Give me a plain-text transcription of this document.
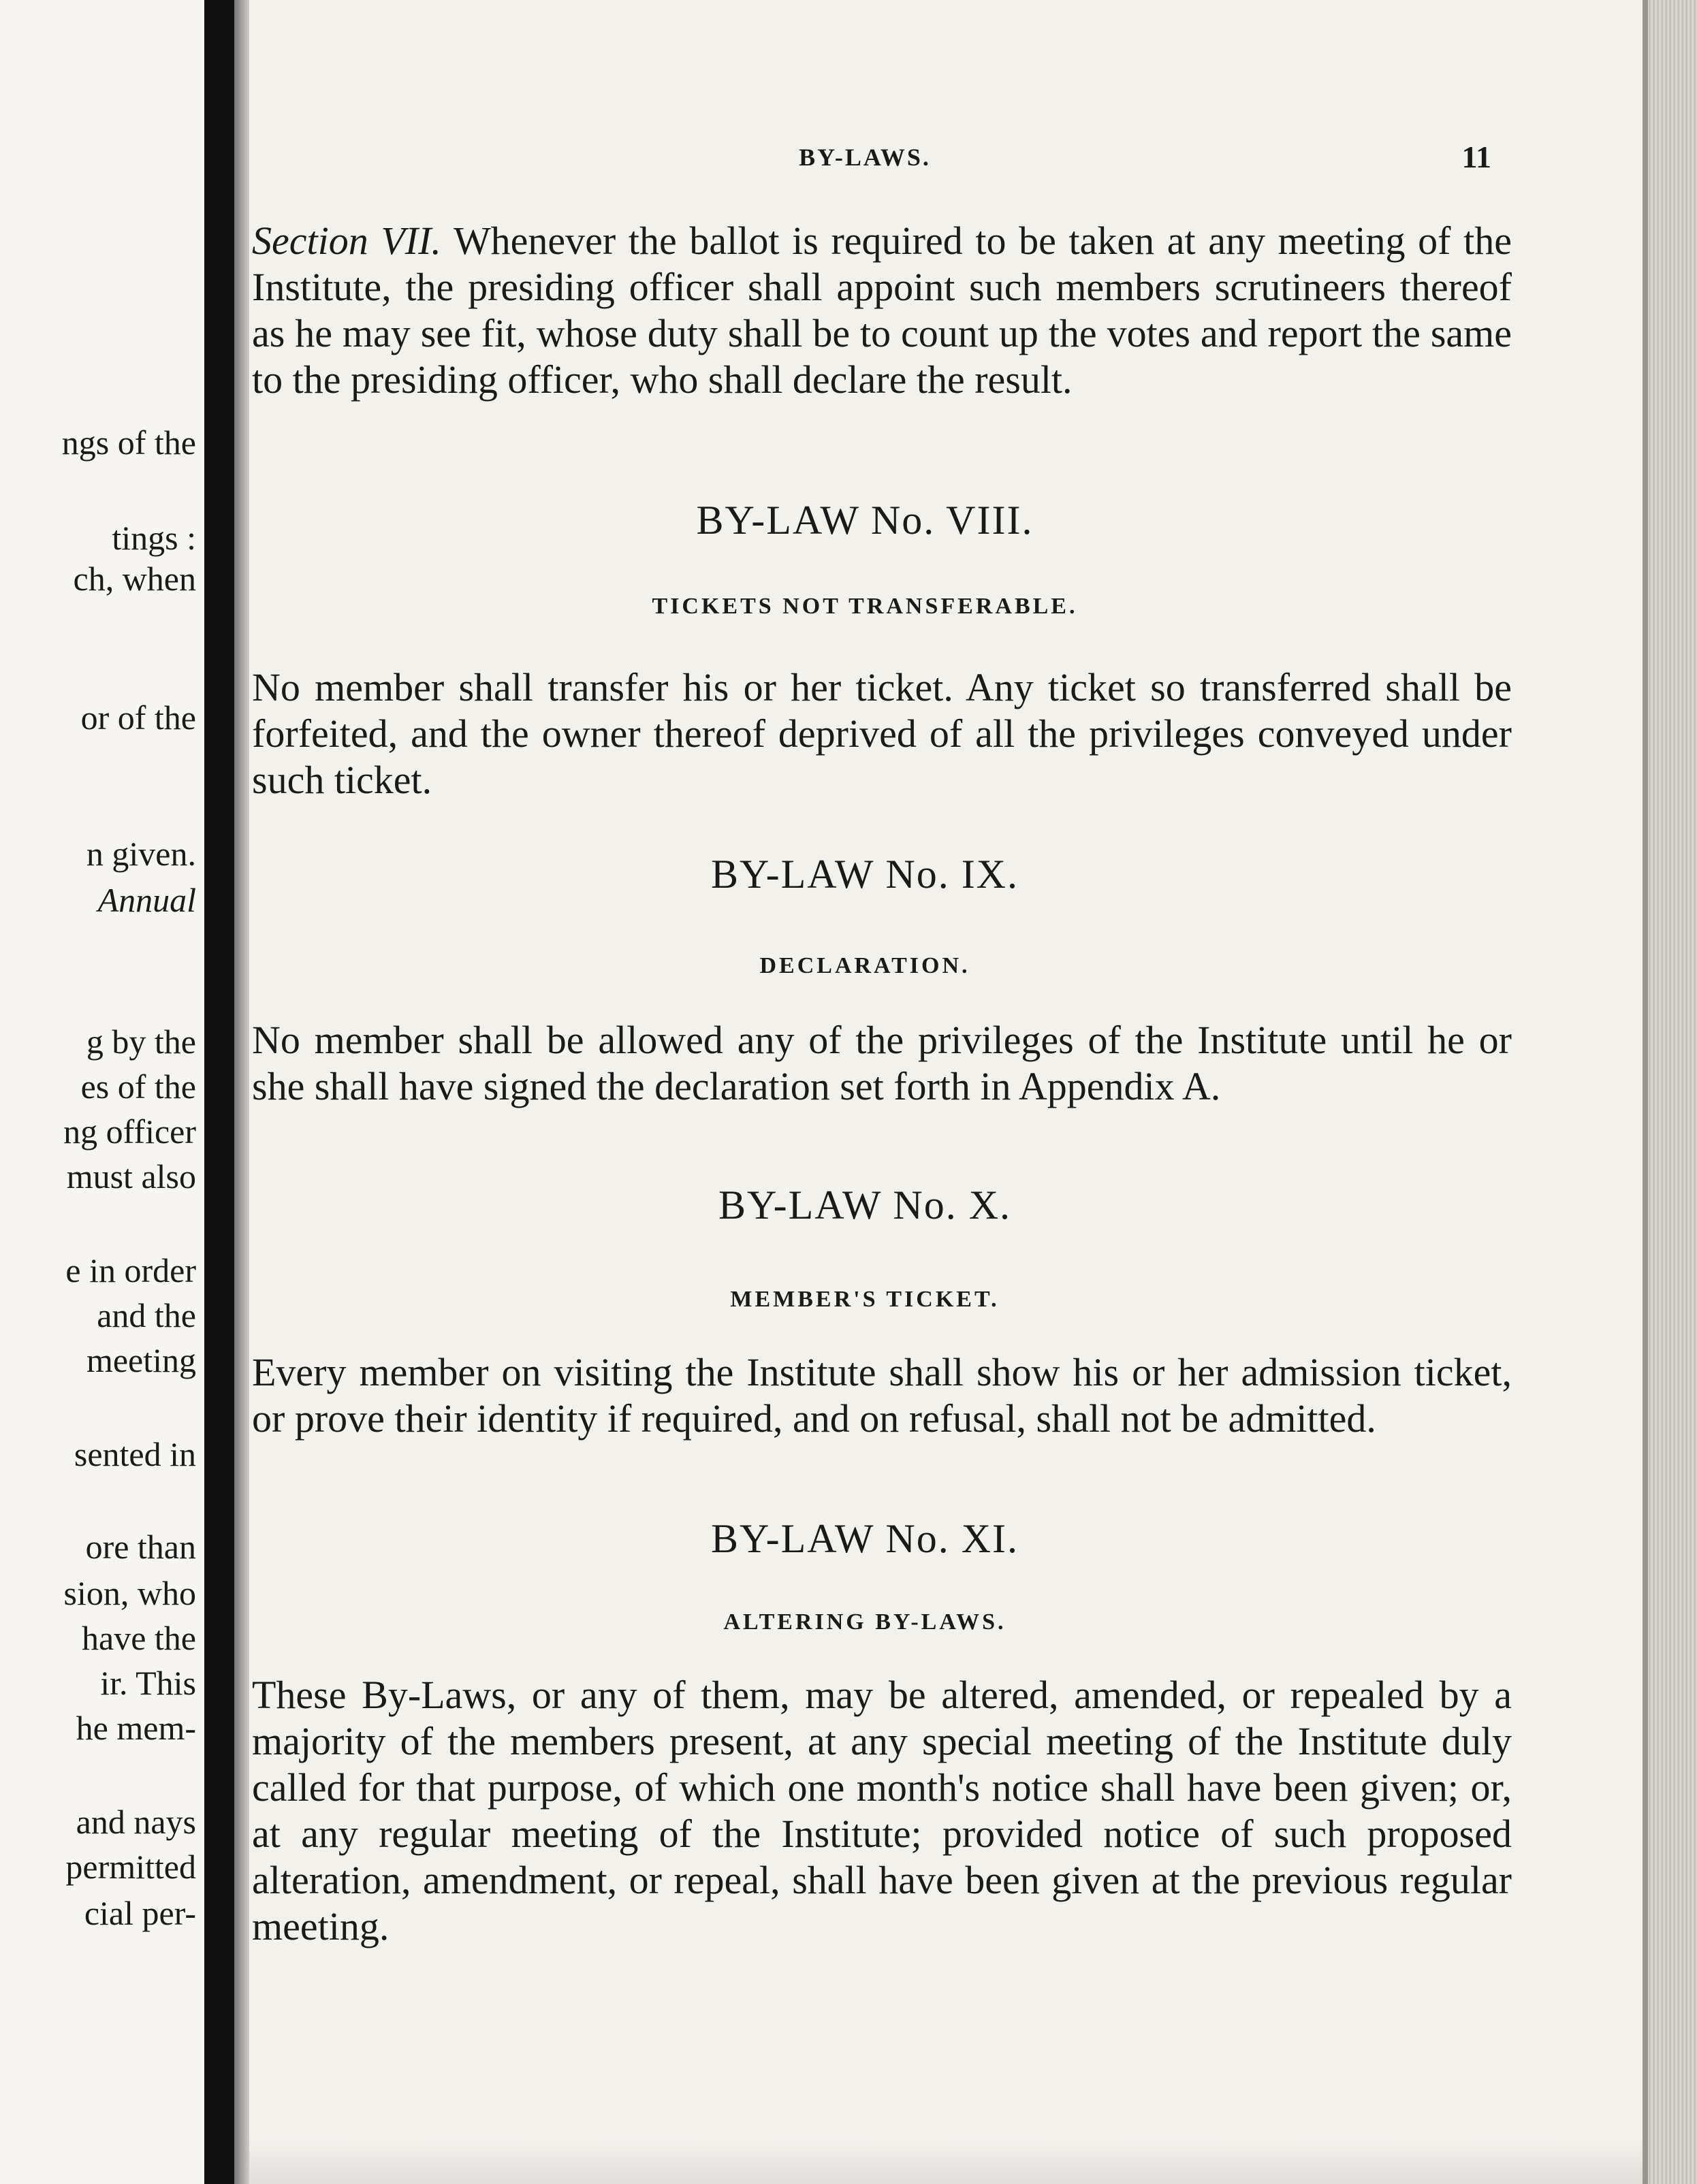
ngs of the
tings :
ch, when
or of the
n given.
Annual
g by the
es of the
ng officer
must also
e in order
and the
meeting
sented in
ore than
sion, who
have the
ir. This
he mem-
and nays
permitted
cial per-
BY-LAWS.	11

Section VII. Whenever the ballot is required to be taken at any meeting of the Institute, the presiding officer shall appoint such members scrutineers thereof as he may see fit, whose duty shall be to count up the votes and report the same to the presiding officer, who shall declare the result.

BY-LAW No. VIII.
TICKETS NOT TRANSFERABLE.

No member shall transfer his or her ticket. Any ticket so transferred shall be forfeited, and the owner thereof deprived of all the privileges conveyed under such ticket.

BY-LAW No. IX.
DECLARATION.

No member shall be allowed any of the privileges of the Institute until he or she shall have signed the declaration set forth in Appendix A.

BY-LAW No. X.
MEMBER'S TICKET.

Every member on visiting the Institute shall show his or her admission ticket, or prove their identity if required, and on refusal, shall not be admitted.

BY-LAW No. XI.
ALTERING BY-LAWS.

These By-Laws, or any of them, may be altered, amended, or repealed by a majority of the members present, at any special meeting of the Institute duly called for that purpose, of which one month's notice shall have been given; or, at any regular meeting of the Institute; provided notice of such proposed alteration, amendment, or repeal, shall have been given at the previous regular meeting.
